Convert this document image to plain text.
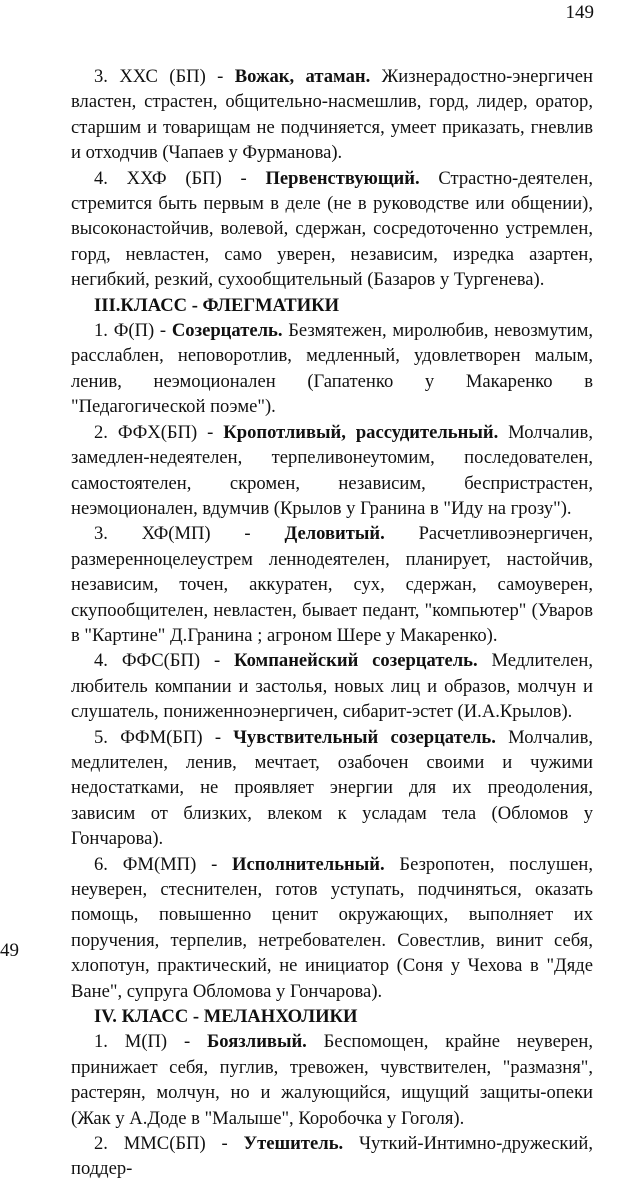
149

3. ХХС (БП) - Вожак, атаман. Жизнерадостно-энергичен властен, страстен, общительно-насмешлив, горд, лидер, оратор, старшим и товарищам не подчиняется, умеет приказать, гневлив и отходчив (Чапаев у Фурманова).

4. ХХФ (БП) - Первенствующий. Страстно-деятелен, стремится быть первым в деле (не в руководстве или общении), высоконастойчив, волевой, сдержан, сосредоточенно устремлен, горд, невластен, само уверен, независим, изредка азартен, негибкий, резкий, сухообщительный (Базаров у Тургенева).

III.КЛАСС - ФЛЕГМАТИКИ

1. Ф(П) - Созерцатель. Безмятежен, миролюбив, невозмутим, расслаблен, неповоротлив, медленный, удовлетворен малым, ленив, неэмоционален (Гапатенко у Макаренко в "Педагогической поэме").

2. ФФХ(БП) - Кропотливый, рассудительный. Молчалив, замедлен-недеятелен, терпеливонеутомим, последователен, самостоятелен, скромен, независим, беспристрастен, неэмоционален, вдумчив (Крылов у Гранина в "Иду на грозу").

3. ХФ(МП) - Деловитый. Расчетливоэнергичен, размеренноцелеустрем леннодеятелен, планирует, настойчив, независим, точен, аккуратен, сух, сдержан, самоуверен, скупообщителен, невластен, бывает педант, "компьютер" (Уваров в "Картине" Д.Гранина ; агроном Шере у Макаренко).

4. ФФС(БП) - Компанейский созерцатель. Медлителен, любитель компании и застолья, новых лиц и образов, молчун и слушатель, пониженноэнергичен, сибарит-эстет (И.А.Крылов).

5. ФФМ(БП) - Чувствительный созерцатель. Молчалив, медлителен, ленив, мечтает, озабочен своими и чужими недостатками, не проявляет энергии для их преодоления, зависим от близких, влеком к усладам тела (Обломов у Гончарова).

6. ФМ(МП) - Исполнительный. Безропотен, послушен, неуверен, стеснителен, готов уступать, подчиняться, оказать помощь, повышенно ценит окружающих, выполняет их поручения, терпелив, нетребователен. Совестлив, винит себя, хлопотун, практический, не инициатор (Соня у Чехова в "Дяде Ване", супруга Обломова у Гончарова).

IV. КЛАСС - МЕЛАНХОЛИКИ

1. М(П) - Боязливый. Беспомощен, крайне неуверен, принижает себя, пуглив, тревожен, чувствителен, "размазня", растерян, молчун, но и жалующийся, ищущий защиты-опеки (Жак у А.Доде в "Малыше", Коробочка у Гоголя).

2. ММС(БП) - Утешитель. Чуткий-Интимно-дружеский, поддер-

49
